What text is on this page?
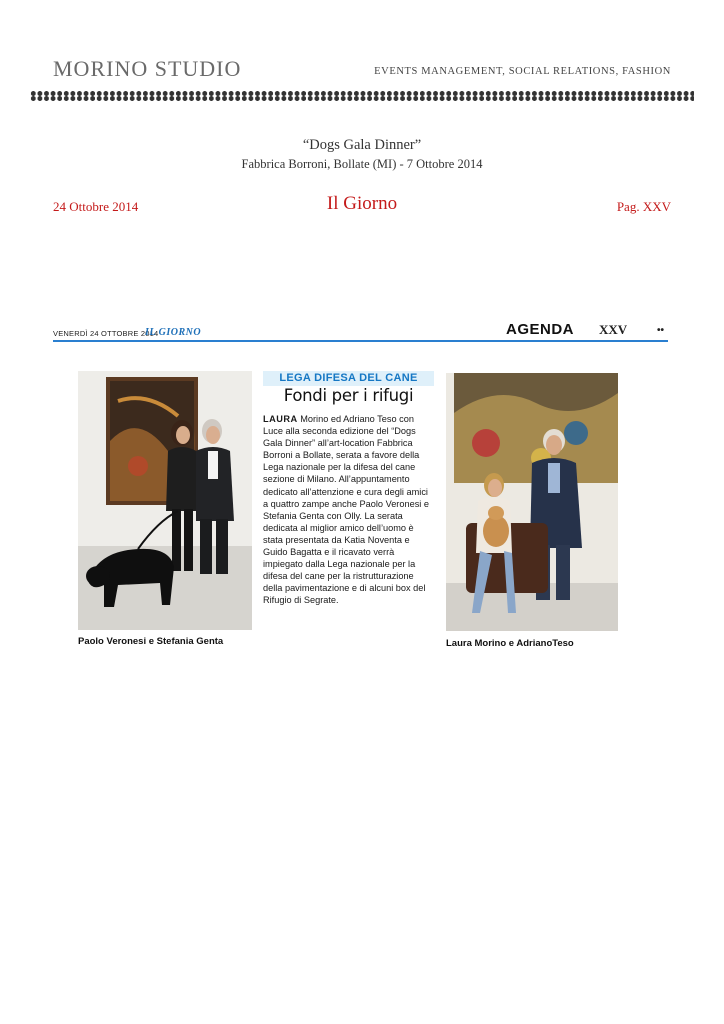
MORINO STUDIO	EVENTS MANAGEMENT, SOCIAL RELATIONS, FASHION
“Dogs Gala Dinner”
Fabbrica Borroni, Bollate (MI) - 7 Ottobre 2014
24 Ottobre 2014	Il Giorno	Pag. XXV
VENERDÌ 24 OTTOBRE 2014
IL GIORNO	AGENDA XXV	••
LEGA DIFESA DEL CANE
Fondi per i rifugi
LAURA Morino ed Adriano Teso con Luce alla seconda edizione del “Dogs Gala Dinner” all’art-location Fabbrica Borroni a Bollate, serata a favore della Lega nazionale per la difesa del cane sezione di Milano. All’appuntamento dedicato all’attenzione e cura degli amici a quattro zampe anche Paolo Veronesi e Stefania Genta con Olly. La serata dedicata al miglior amico dell’uomo è stata presentata da Katia Noventa e Guido Bagatta e il ricavato verrà impiegato dalla Lega nazionale per la difesa del cane per la ristrutturazione della pavimentazione e di alcuni box del Rifugio di Segrate.
Paolo Veronesi e Stefania Genta	Laura Morino e AdrianoTeso
